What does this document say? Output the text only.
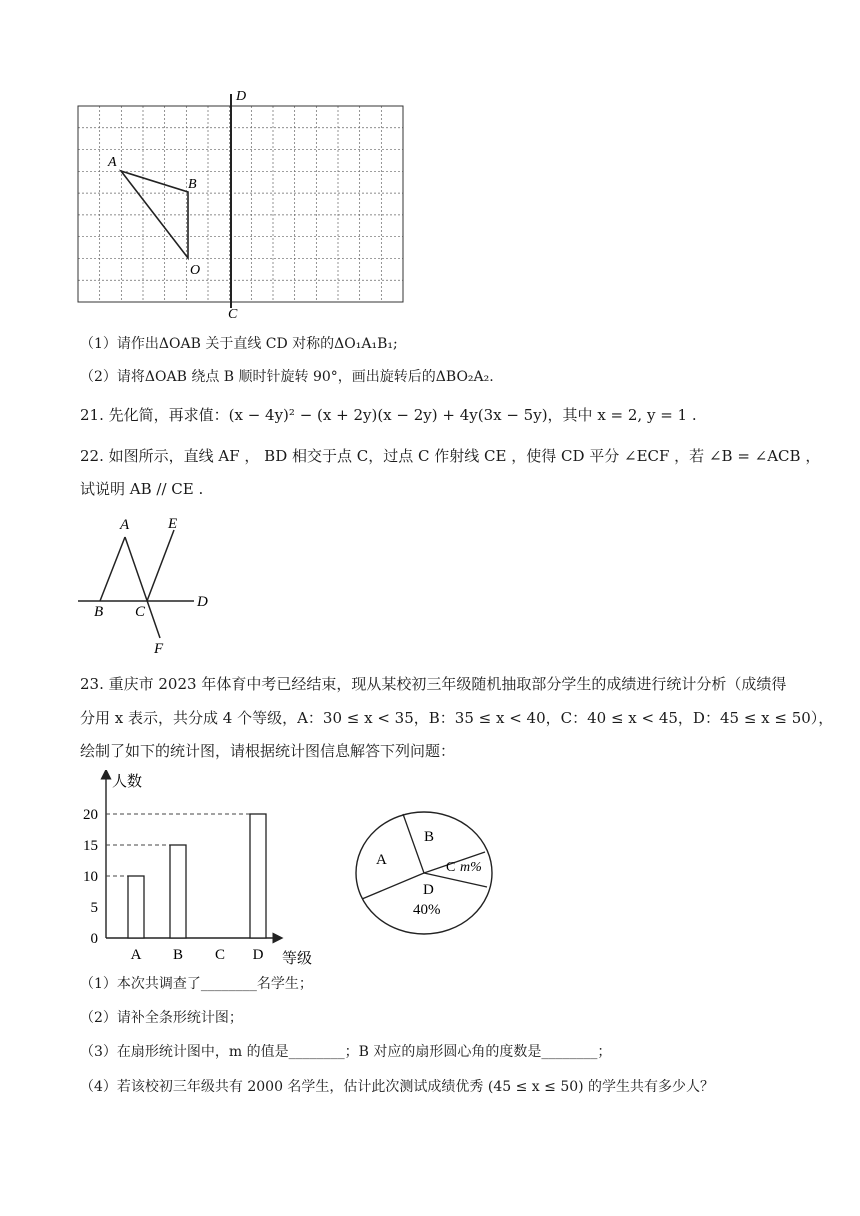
D
C
A
B
O
（1）请作出ΔOAB 关于直线 CD 对称的ΔO₁A₁B₁;
（2）请将ΔOAB 绕点 B 顺时针旋转 90°，画出旋转后的ΔBO₂A₂.
21. 先化简，再求值：(x − 4y)² − (x + 2y)(x − 2y) + 4y(3x − 5y)，其中 x = 2, y = 1 .
22. 如图所示，直线 AF ， BD 相交于点 C，过点 C 作射线 CE ，使得 CD 平分 ∠ECF ，若 ∠B = ∠ACB ，
试说明 AB // CE .
A	E
B C
D
F
23. 重庆市 2023 年体育中考已经结束，现从某校初三年级随机抽取部分学生的成绩进行统计分析（成绩得
分用 x 表示，共分成 4 个等级，A：30 ≤ x < 35，B：35 ≤ x < 40，C：40 ≤ x < 45，D：45 ≤ x ≤ 50），
绘制了如下的统计图，请根据统计图信息解答下列问题：
人数
等级
0
5
10
15
20
A B C D
B
A	C m%
D
40%
（1）本次共调查了________名学生；
（2）请补全条形统计图；
（3）在扇形统计图中，m 的值是________；B 对应的扇形圆心角的度数是________；
（4）若该校初三年级共有 2000 名学生，估计此次测试成绩优秀 (45 ≤ x ≤ 50) 的学生共有多少人？
